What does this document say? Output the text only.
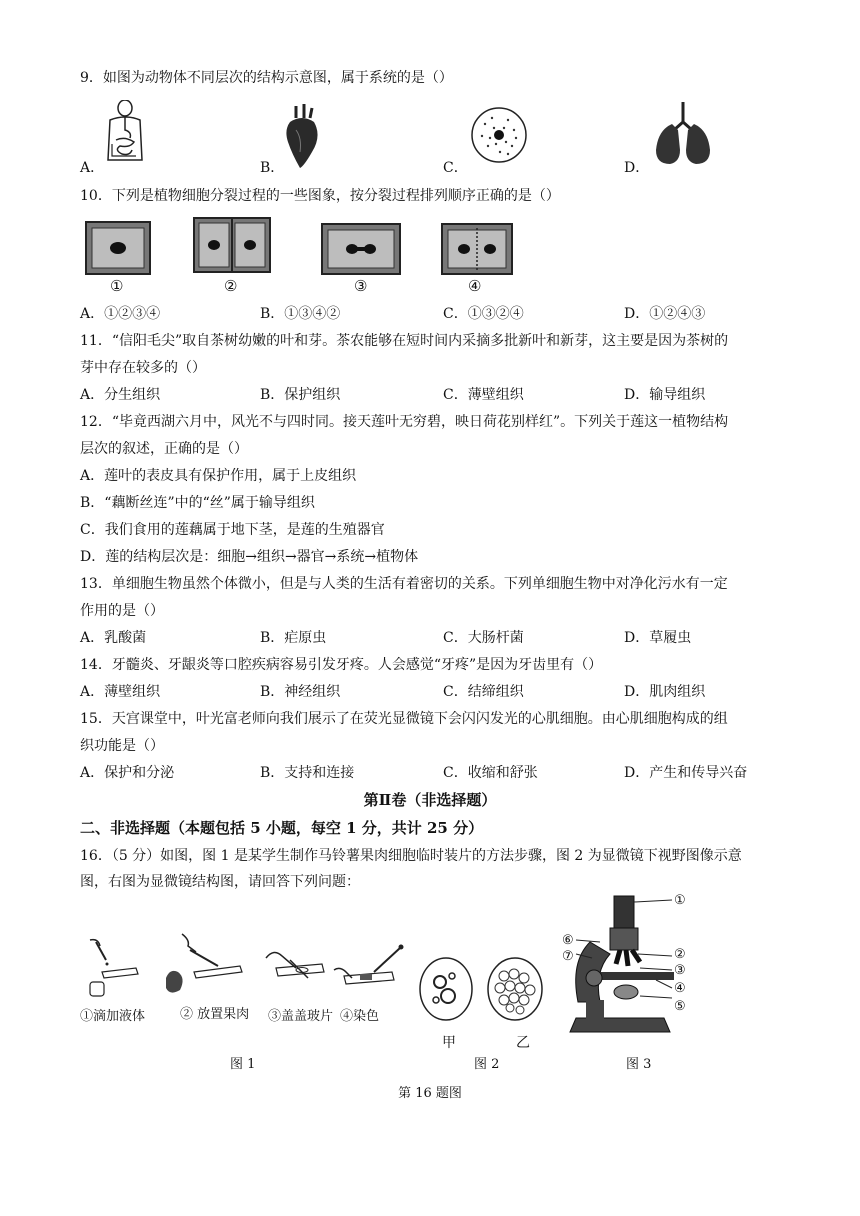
9．如图为动物体不同层次的结构示意图，属于系统的是（）
A．	B．	C．	D．
10．下列是植物细胞分裂过程的一些图象，按分裂过程排列顺序正确的是（）
①	②	③	④
A．①②③④	B．①③④②	C．①③②④	D．①②④③
11．“信阳毛尖”取自茶树幼嫩的叶和芽。茶农能够在短时间内采摘多批新叶和新芽，这主要是因为茶树的
芽中存在较多的（）
A．分生组织	B．保护组织	C．薄壁组织	D．输导组织
12．“毕竟西湖六月中，风光不与四时同。接天莲叶无穷碧，映日荷花别样红”。下列关于莲这一植物结构
层次的叙述，正确的是（）
A．莲叶的表皮具有保护作用，属于上皮组织
B．“藕断丝连”中的“丝”属于输导组织
C．我们食用的莲藕属于地下茎，是莲的生殖器官
D．莲的结构层次是：细胞→组织→器官→系统→植物体
13．单细胞生物虽然个体微小，但是与人类的生活有着密切的关系。下列单细胞生物中对净化污水有一定
作用的是（）
A．乳酸菌	B．疟原虫	C．大肠杆菌	D．草履虫
14．牙髓炎、牙龈炎等口腔疾病容易引发牙疼。人会感觉“牙疼”是因为牙齿里有（）
A．薄壁组织	B．神经组织	C．结缔组织	D．肌肉组织
15．天宫课堂中，叶光富老师向我们展示了在荧光显微镜下会闪闪发光的心肌细胞。由心肌细胞构成的组
织功能是（）
A．保护和分泌	B．支持和连接	C．收缩和舒张	D．产生和传导兴奋
第Ⅱ卷（非选择题）
二、非选择题（本题包括 5 小题，每空 1 分，共计 25 分）
16．（5 分）如图，图 1 是某学生制作马铃薯果肉细胞临时装片的方法步骤，图 2 为显微镜下视野图像示意
图，右图为显微镜结构图，请回答下列问题：
①滴加液体	② 放置果肉 ③盖盖玻片 ④染色
图 1
甲	乙
图 2
①
②
③
④
⑤
⑥
⑦
图 3
第 16 题图
